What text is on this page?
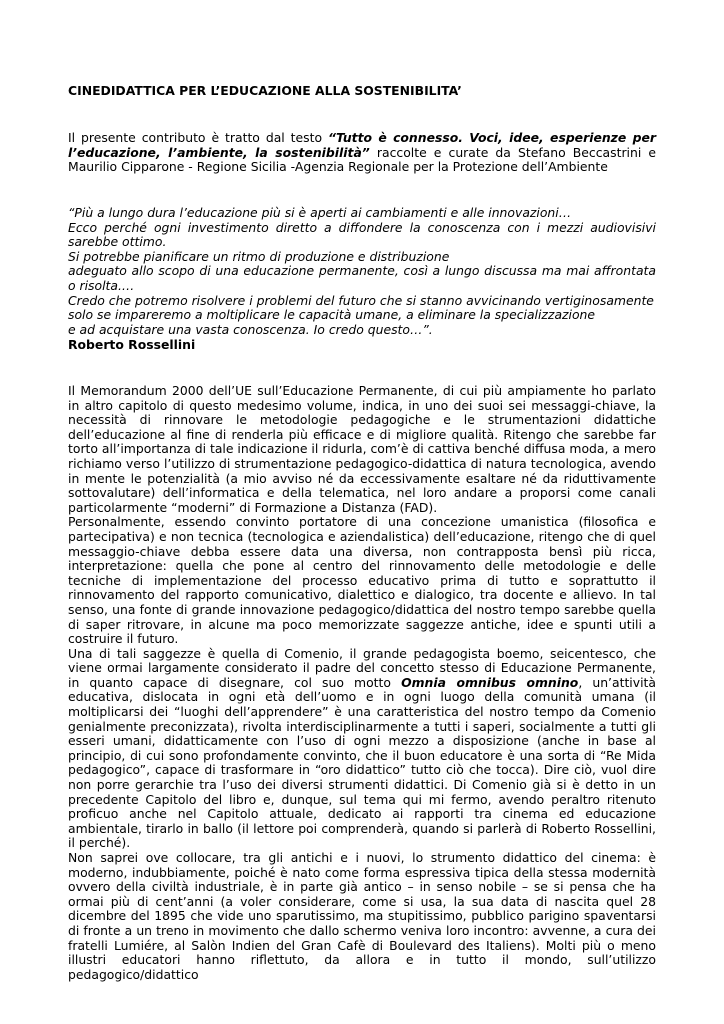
CINEDIDATTICA PER L’EDUCAZIONE ALLA SOSTENIBILITA’

Il presente contributo è tratto dal testo “Tutto è connesso. Voci, idee, esperienze per l’educazione, l’ambiente, la sostenibilità” raccolte e curate da Stefano Beccastrini e Maurilio Cipparone - Regione Sicilia -Agenzia Regionale per la Protezione dell’Ambiente

“Più a lungo dura l’educazione più si è aperti ai cambiamenti e alle innovazioni…
Ecco perché ogni investimento diretto a diffondere la conoscenza con i mezzi audiovisivi sarebbe ottimo.
Si potrebbe pianificare un ritmo di produzione e distribuzione
adeguato allo scopo di una educazione permanente, così a lungo discussa ma mai affrontata o risolta.…
Credo che potremo risolvere i problemi del futuro che si stanno avvicinando vertiginosamente
solo se impareremo a moltiplicare le capacità umane, a eliminare la specializzazione
e ad acquistare una vasta conoscenza. Io credo questo…”.
Roberto Rossellini

Il Memorandum 2000 dell’UE sull’Educazione Permanente, di cui più ampiamente ho parlato in altro capitolo di questo medesimo volume, indica, in uno dei suoi sei messaggi-chiave, la necessità di rinnovare le metodologie pedagogiche e le strumentazioni didattiche dell’educazione al fine di renderla più efficace e di migliore qualità. Ritengo che sarebbe far torto all’importanza di tale indicazione il ridurla, com’è di cattiva benché diffusa moda, a mero richiamo verso l’utilizzo di strumentazione pedagogico-didattica di natura tecnologica, avendo in mente le potenzialità (a mio avviso né da eccessivamente esaltare né da riduttivamente sottovalutare) dell’informatica e della telematica, nel loro andare a proporsi come canali particolarmente “moderni” di Formazione a Distanza (FAD).

Personalmente, essendo convinto portatore di una concezione umanistica (filosofica e partecipativa) e non tecnica (tecnologica e aziendalistica) dell’educazione, ritengo che di quel messaggio-chiave debba essere data una diversa, non contrapposta bensì più ricca, interpretazione: quella che pone al centro del rinnovamento delle metodologie e delle tecniche di implementazione del processo educativo prima di tutto e soprattutto il rinnovamento del rapporto comunicativo, dialettico e dialogico, tra docente e allievo. In tal senso, una fonte di grande innovazione pedagogico/didattica del nostro tempo sarebbe quella di saper ritrovare, in alcune ma poco memorizzate saggezze antiche, idee e spunti utili a costruire il futuro.

Una di tali saggezze è quella di Comenio, il grande pedagogista boemo, seicentesco, che viene ormai largamente considerato il padre del concetto stesso di Educazione Permanente, in quanto capace di disegnare, col suo motto Omnia omnibus omnino, un’attività educativa, dislocata in ogni età dell’uomo e in ogni luogo della comunità umana (il moltiplicarsi dei “luoghi dell’apprendere” è una caratteristica del nostro tempo da Comenio genialmente preconizzata), rivolta interdisciplinarmente a tutti i saperi, socialmente a tutti gli esseri umani, didatticamente con l’uso di ogni mezzo a disposizione (anche in base al principio, di cui sono profondamente convinto, che il buon educatore è una sorta di “Re Mida pedagogico”, capace di trasformare in “oro didattico” tutto ciò che tocca). Dire ciò, vuol dire non porre gerarchie tra l’uso dei diversi strumenti didattici. Di Comenio già si è detto in un precedente Capitolo del libro e, dunque, sul tema qui mi fermo, avendo peraltro ritenuto proficuo anche nel Capitolo attuale, dedicato ai rapporti tra cinema ed educazione ambientale, tirarlo in ballo (il lettore poi comprenderà, quando si parlerà di Roberto Rossellini, il perché).

Non saprei ove collocare, tra gli antichi e i nuovi, lo strumento didattico del cinema: è moderno, indubbiamente, poiché è nato come forma espressiva tipica della stessa modernità ovvero della civiltà industriale, è in parte già antico – in senso nobile – se si pensa che ha ormai più di cent’anni (a voler considerare, come si usa, la sua data di nascita quel 28 dicembre del 1895 che vide uno sparutissimo, ma stupitissimo, pubblico parigino spaventarsi di fronte a un treno in movimento che dallo schermo veniva loro incontro: avvenne, a cura dei fratelli Lumiére, al Salòn Indien del Gran Cafè di Boulevard des Italiens). Molti più o meno illustri educatori hanno riflettuto, da allora e in tutto il mondo, sull’utilizzo pedagogico/didattico
